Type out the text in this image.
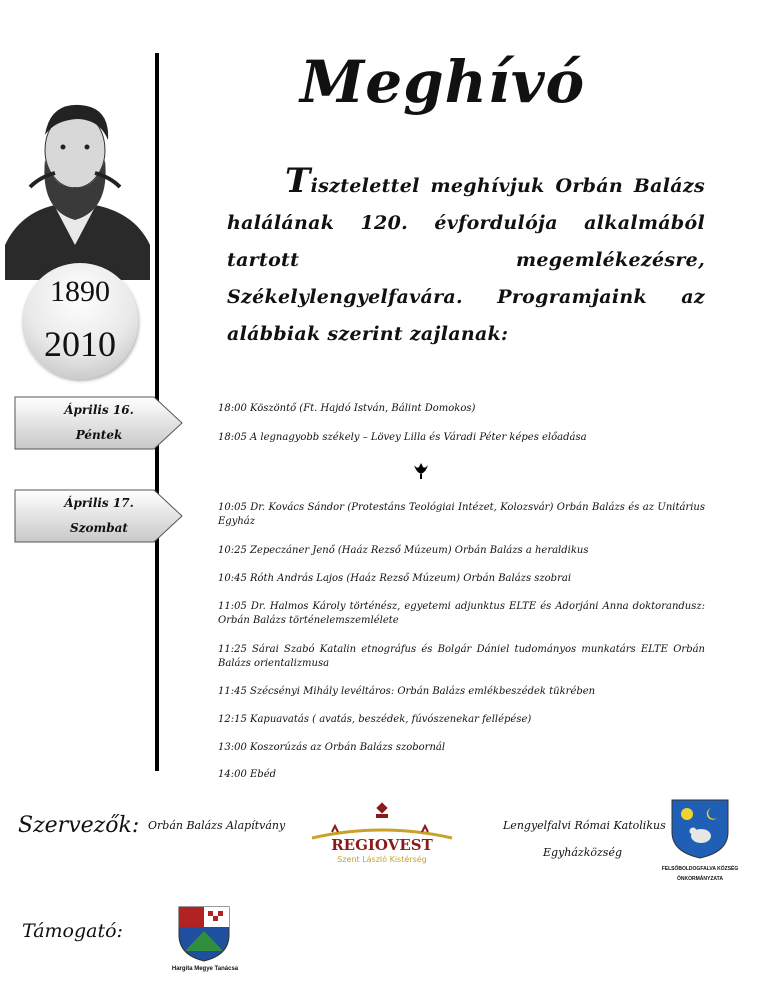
Meghívó
1890
2010
Tisztelettel meghívjuk Orbán Balázs halálának 120. évfordulója alkalmából tartott megemlékezésre, Székelylengyelfavára. Programjaink az alábbiak szerint zajlanak:
Április 16.
Péntek
Április 17.
Szombat
18:00 Köszöntő (Ft. Hajdó István, Bálint Domokos)
18:05 A legnagyobb székely – Lövey Lilla és Váradi Péter képes előadása
10:05 Dr. Kovács Sándor (Protestáns Teológiai Intézet, Kolozsvár) Orbán Balázs és az Unitárius Egyház
10:25 Zepeczáner Jenő (Haáz Rezső Múzeum) Orbán Balázs a heraldikus
10:45 Róth András Lajos (Haáz Rezső Múzeum) Orbán Balázs szobrai
11:05 Dr. Halmos Károly történész, egyetemi adjunktus ELTE és Adorjáni Anna doktorandusz: Orbán Balázs történelemszemlélete
11:25 Sárai Szabó Katalin etnográfus és Bolgár Dániel tudományos munkatárs ELTE Orbán Balázs orientalizmusa
11:45 Szécsényi Mihály levéltáros: Orbán Balázs emlékbeszédek tükrében
12:15 Kapuavatás ( avatás, beszédek, fúvószenekar fellépése)
13:00 Koszorúzás az Orbán Balázs szobornál
14:00 Ebéd
Szervezők: Orbán Balázs Alapítvány
REGIOVEST
Szent László Kistérség
Lengyelfalvi Római Katolikus
Egyházközség
FELSŐBOLDOGFALVA KÖZSÉG
ÖNKORMÁNYZATA
Támogató:
Hargita Megye Tanácsa
